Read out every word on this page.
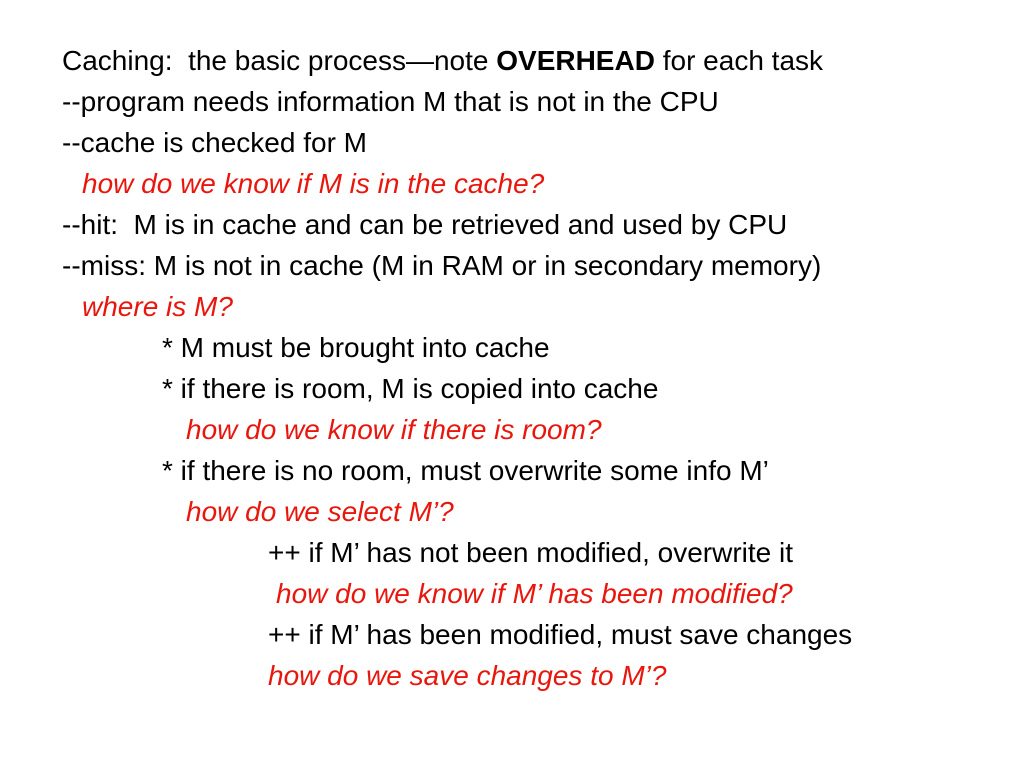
Caching:  the basic process—note OVERHEAD for each task
--program needs information M that is not in the CPU
--cache is checked for M
how do we know if M is in the cache?
--hit:  M is in cache and can be retrieved and used by CPU
--miss: M is not in cache (M in RAM or in secondary memory)
where is M?
* M must be brought into cache
* if there is room, M is copied into cache
how do we know if there is room?
* if there is no room, must overwrite some info M’
how do we select M’?
++ if M’ has not been modified, overwrite it
how do we know if M’ has been modified?
++ if M’ has been modified, must save changes
how do we save changes to M’?
